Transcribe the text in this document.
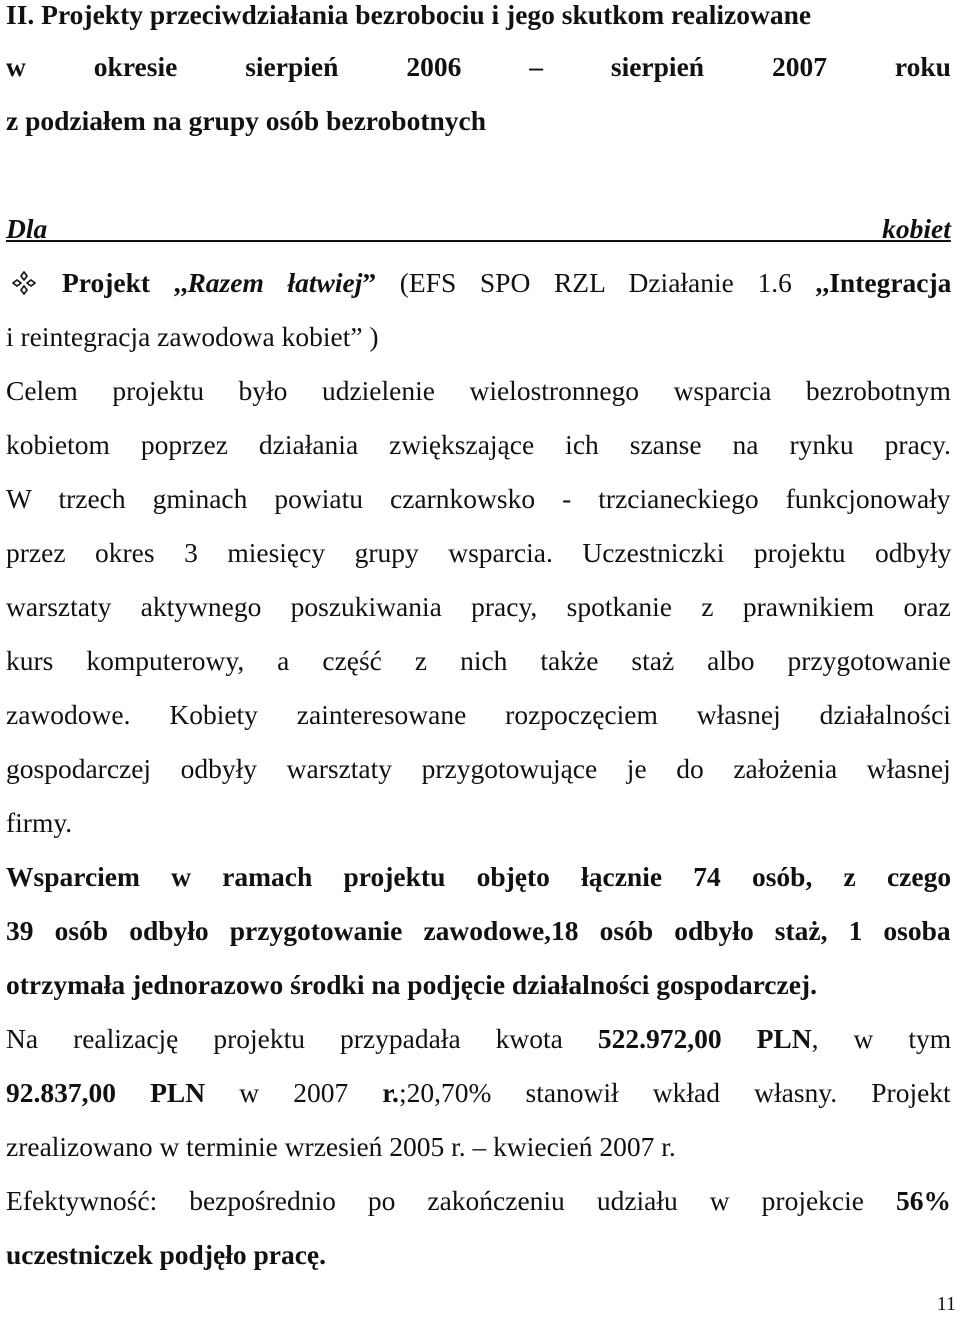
II. Projekty przeciwdziałania bezrobociu i jego skutkom realizowane
w okresie sierpień 2006 – sierpień 2007 roku
z podziałem na grupy osób bezrobotnych
Dla kobiet
Projekt ,,Razem łatwiej” (EFS SPO RZL Działanie 1.6 ,,Integracja
i reintegracja zawodowa kobiet” )
Celem projektu było udzielenie wielostronnego wsparcia bezrobotnym
kobietom poprzez działania zwiększające ich szanse na rynku pracy.
W trzech gminach powiatu czarnkowsko - trzcianeckiego funkcjonowały
przez okres 3 miesięcy grupy wsparcia. Uczestniczki projektu odbyły
warsztaty aktywnego poszukiwania pracy, spotkanie z prawnikiem oraz
kurs komputerowy, a część z nich także staż albo przygotowanie
zawodowe. Kobiety zainteresowane rozpoczęciem własnej działalności
gospodarczej odbyły warsztaty przygotowujące je do założenia własnej
firmy.
Wsparciem w ramach projektu objęto łącznie 74 osób, z czego
39 osób odbyło przygotowanie zawodowe,18 osób odbyło staż, 1 osoba
otrzymała jednorazowo środki na podjęcie działalności gospodarczej.
Na realizację projektu przypadała kwota 522.972,00 PLN, w tym
92.837,00 PLN w 2007 r.;20,70% stanowił wkład własny. Projekt
zrealizowano w terminie wrzesień 2005 r. – kwiecień 2007 r.
Efektywność: bezpośrednio po zakończeniu udziału w projekcie 56%
uczestniczek podjęło pracę.
11
